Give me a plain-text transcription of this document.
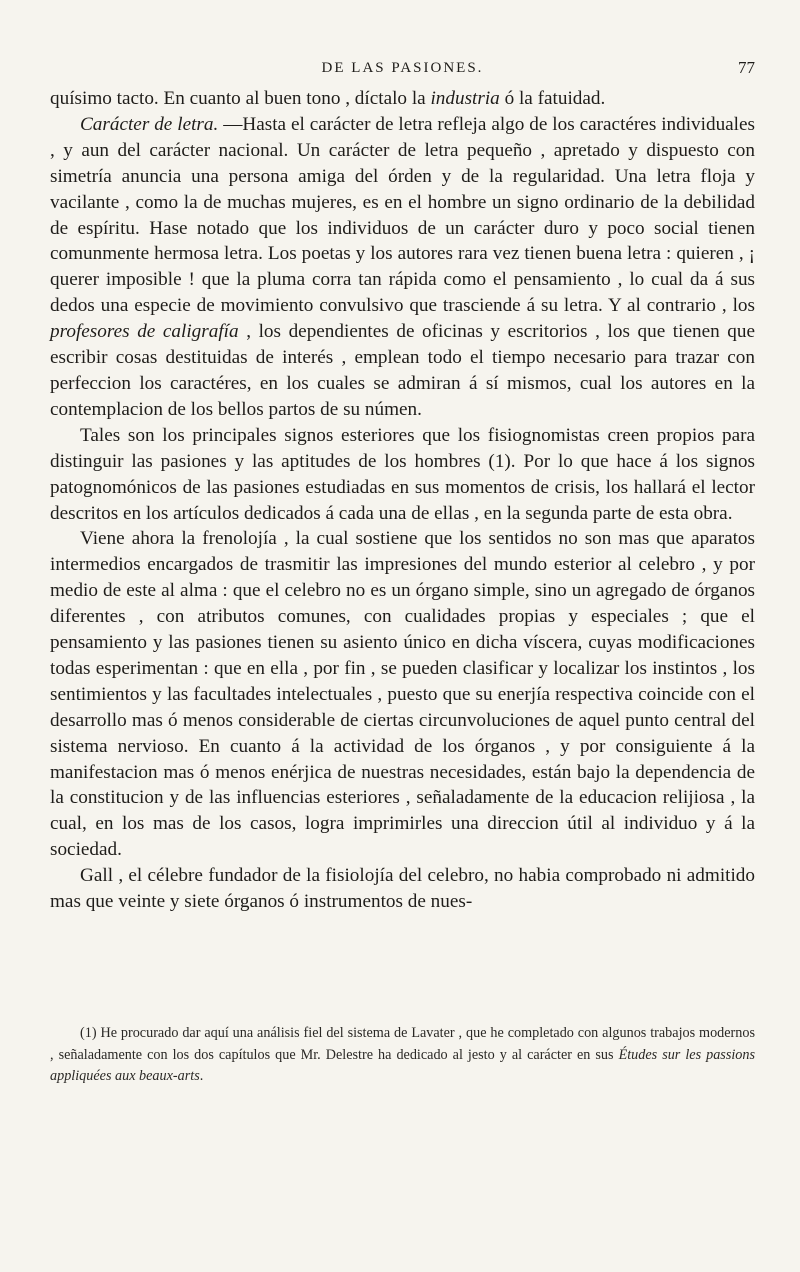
DE LAS PASIONES.	77

quísimo tacto. En cuanto al buen tono , díctalo la industria ó la fatuidad.

Carácter de letra. —Hasta el carácter de letra refleja algo de los caractéres individuales , y aun del carácter nacional. Un carácter de letra pequeño , apretado y dispuesto con simetría anuncia una persona amiga del órden y de la regularidad. Una letra floja y vacilante , como la de muchas mujeres, es en el hombre un signo ordinario de la debilidad de espíritu. Hase notado que los individuos de un carácter duro y poco social tienen comunmente hermosa letra. Los poetas y los autores rara vez tienen buena letra : quieren , ¡ querer imposible ! que la pluma corra tan rápida como el pensamiento , lo cual da á sus dedos una especie de movimiento convulsivo que trasciende á su letra. Y al contrario , los profesores de caligrafía , los dependientes de oficinas y escritorios , los que tienen que escribir cosas destituidas de interés , emplean todo el tiempo necesario para trazar con perfeccion los caractéres, en los cuales se admiran á sí mismos, cual los autores en la contemplacion de los bellos partos de su númen.

Tales son los principales signos esteriores que los fisiognomistas creen propios para distinguir las pasiones y las aptitudes de los hombres (1). Por lo que hace á los signos patognomónicos de las pasiones estudiadas en sus momentos de crisis, los hallará el lector descritos en los artículos dedicados á cada una de ellas , en la segunda parte de esta obra.

Viene ahora la frenolojía , la cual sostiene que los sentidos no son mas que aparatos intermedios encargados de trasmitir las impresiones del mundo esterior al celebro , y por medio de este al alma : que el celebro no es un órgano simple, sino un agregado de órganos diferentes , con atributos comunes, con cualidades propias y especiales ; que el pensamiento y las pasiones tienen su asiento único en dicha víscera, cuyas modificaciones todas esperimentan : que en ella , por fin , se pueden clasificar y localizar los instintos , los sentimientos y las facultades intelectuales , puesto que su enerjía respectiva coincide con el desarrollo mas ó menos considerable de ciertas circunvoluciones de aquel punto central del sistema nervioso. En cuanto á la actividad de los órganos , y por consiguiente á la manifestacion mas ó menos enérjica de nuestras necesidades, están bajo la dependencia de la constitucion y de las influencias esteriores , señaladamente de la educacion relijiosa , la cual, en los mas de los casos, logra imprimirles una direccion útil al individuo y á la sociedad.

Gall , el célebre fundador de la fisiolojía del celebro, no habia comprobado ni admitido mas que veinte y siete órganos ó instrumentos de nues-

(1) He procurado dar aquí una análisis fiel del sistema de Lavater , que he completado con algunos trabajos modernos , señaladamente con los dos capítulos que Mr. Delestre ha dedicado al jesto y al carácter en sus Études sur les passions appliquées aux beaux-arts.
